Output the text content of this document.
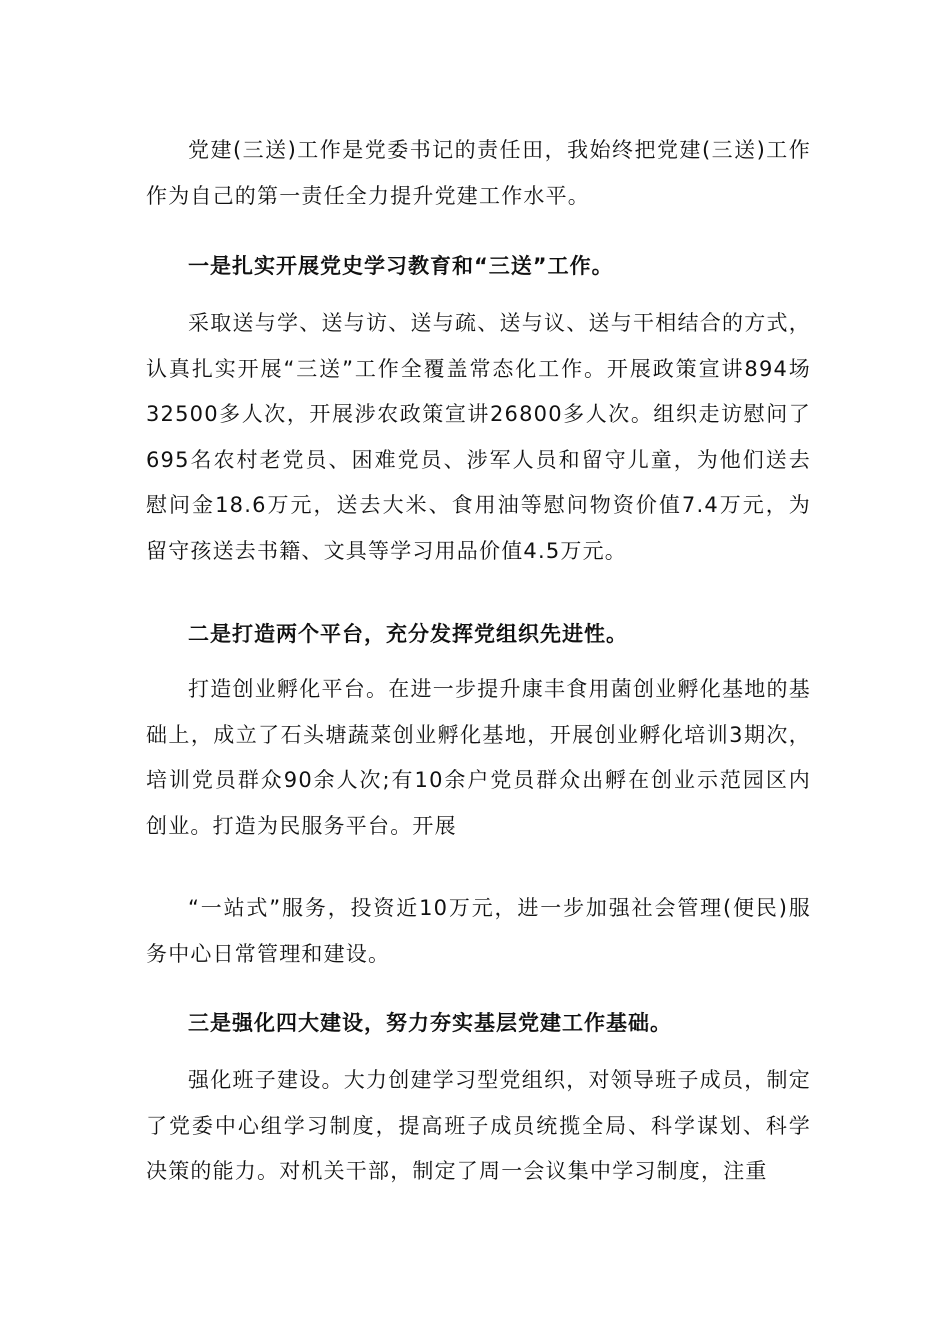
党建(三送)工作是党委书记的责任田，我始终把党建(三送)工作作为自己的第一责任全力提升党建工作水平。

一是扎实开展党史学习教育和“三送”工作。

采取送与学、送与访、送与疏、送与议、送与干相结合的方式，认真扎实开展“三送”工作全覆盖常态化工作。开展政策宣讲894场32500多人次，开展涉农政策宣讲26800多人次。组织走访慰问了695名农村老党员、困难党员、涉军人员和留守儿童，为他们送去慰问金18.6万元，送去大米、食用油等慰问物资价值7.4万元，为留守孩送去书籍、文具等学习用品价值4.5万元。

二是打造两个平台，充分发挥党组织先进性。

打造创业孵化平台。在进一步提升康丰食用菌创业孵化基地的基础上，成立了石头塘蔬菜创业孵化基地，开展创业孵化培训3期次，培训党员群众90余人次;有10余户党员群众出孵在创业示范园区内创业。打造为民服务平台。开展

“一站式”服务，投资近10万元，进一步加强社会管理(便民)服务中心日常管理和建设。

三是强化四大建设，努力夯实基层党建工作基础。

强化班子建设。大力创建学习型党组织，对领导班子成员，制定了党委中心组学习制度，提高班子成员统揽全局、科学谋划、科学决策的能力。对机关干部，制定了周一会议集中学习制度，注重
